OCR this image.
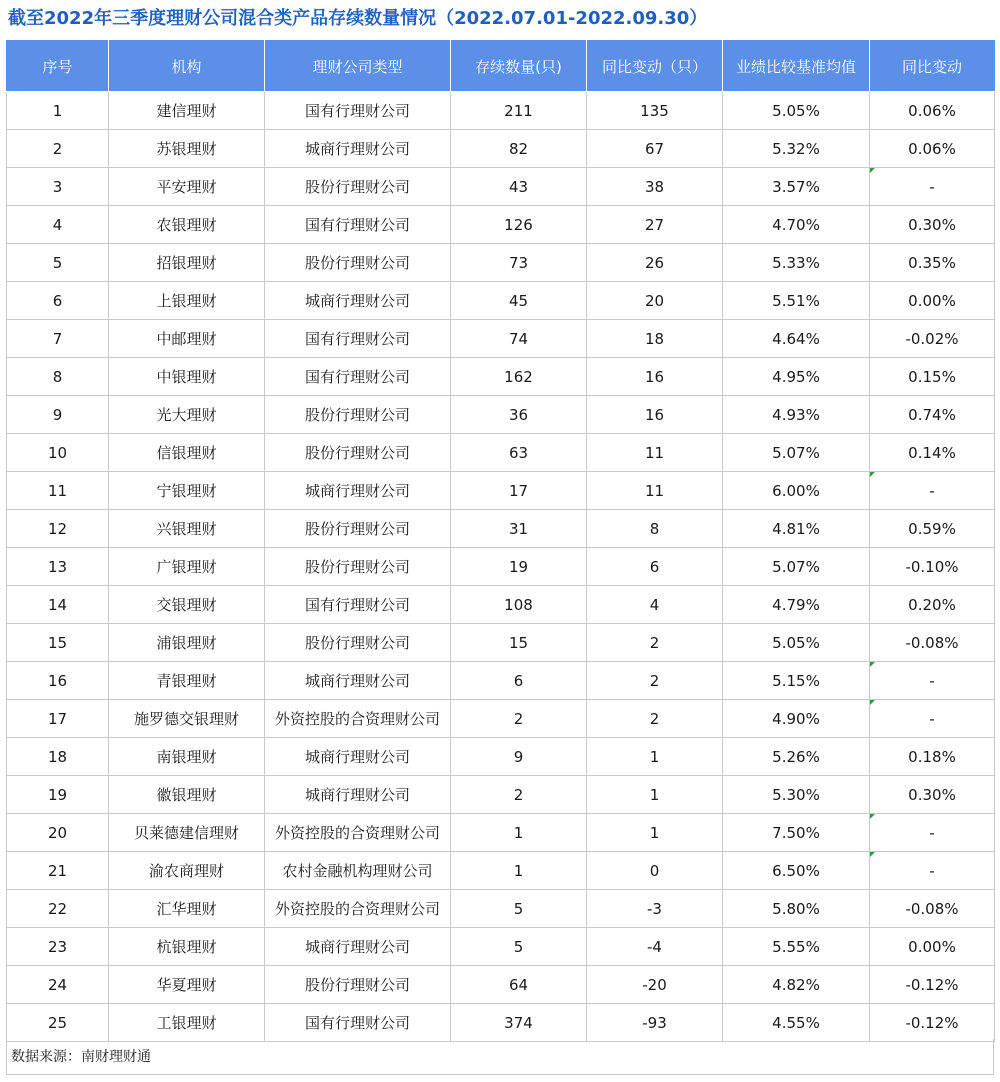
截至2022年三季度理财公司混合类产品存续数量情况（2022.07.01-2022.09.30）
序号	机构	理财公司类型	存续数量(只)	同比变动（只）	业绩比较基准均值	同比变动
1	建信理财	国有行理财公司	211	135	5.05%	0.06%
2	苏银理财	城商行理财公司	82	67	5.32%	0.06%
3	平安理财	股份行理财公司	43	38	3.57%	-
4	农银理财	国有行理财公司	126	27	4.70%	0.30%
5	招银理财	股份行理财公司	73	26	5.33%	0.35%
6	上银理财	城商行理财公司	45	20	5.51%	0.00%
7	中邮理财	国有行理财公司	74	18	4.64%	-0.02%
8	中银理财	国有行理财公司	162	16	4.95%	0.15%
9	光大理财	股份行理财公司	36	16	4.93%	0.74%
10	信银理财	股份行理财公司	63	11	5.07%	0.14%
11	宁银理财	城商行理财公司	17	11	6.00%	-
12	兴银理财	股份行理财公司	31	8	4.81%	0.59%
13	广银理财	股份行理财公司	19	6	5.07%	-0.10%
14	交银理财	国有行理财公司	108	4	4.79%	0.20%
15	浦银理财	股份行理财公司	15	2	5.05%	-0.08%
16	青银理财	城商行理财公司	6	2	5.15%	-
17	施罗德交银理财	外资控股的合资理财公司	2	2	4.90%	-
18	南银理财	城商行理财公司	9	1	5.26%	0.18%
19	徽银理财	城商行理财公司	2	1	5.30%	0.30%
20	贝莱德建信理财	外资控股的合资理财公司	1	1	7.50%	-
21	渝农商理财	农村金融机构理财公司	1	0	6.50%	-
22	汇华理财	外资控股的合资理财公司	5	-3	5.80%	-0.08%
23	杭银理财	城商行理财公司	5	-4	5.55%	0.00%
24	华夏理财	股份行理财公司	64	-20	4.82%	-0.12%
25	工银理财	国有行理财公司	374	-93	4.55%	-0.12%
数据来源：南财理财通
